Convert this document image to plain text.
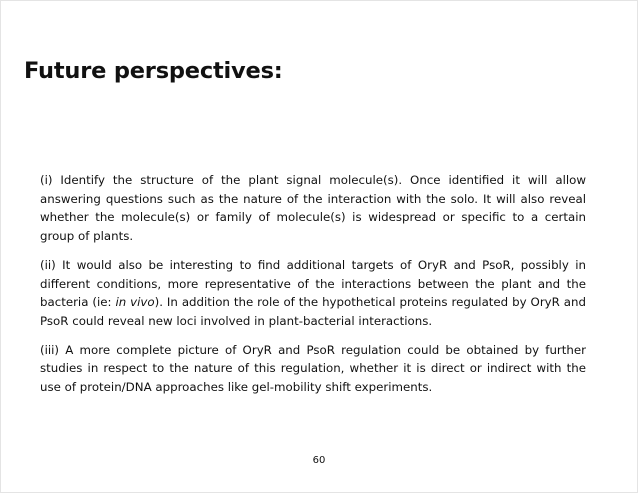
Future perspectives:

(i) Identify the structure of the plant signal molecule(s). Once identified it will allow answering questions such as the nature of the interaction with the solo. It will also reveal whether the molecule(s) or family of molecule(s) is widespread or specific to a certain group of plants.

(ii) It would also be interesting to find additional targets of OryR and PsoR, possibly in different conditions, more representative of the interactions between the plant and the bacteria (ie: in vivo). In addition the role of the hypothetical proteins regulated by OryR and PsoR could reveal new loci involved in plant-bacterial interactions.

(iii) A more complete picture of OryR and PsoR regulation could be obtained by further studies in respect to the nature of this regulation, whether it is direct or indirect with the use of protein/DNA approaches like gel-mobility shift experiments.

60
